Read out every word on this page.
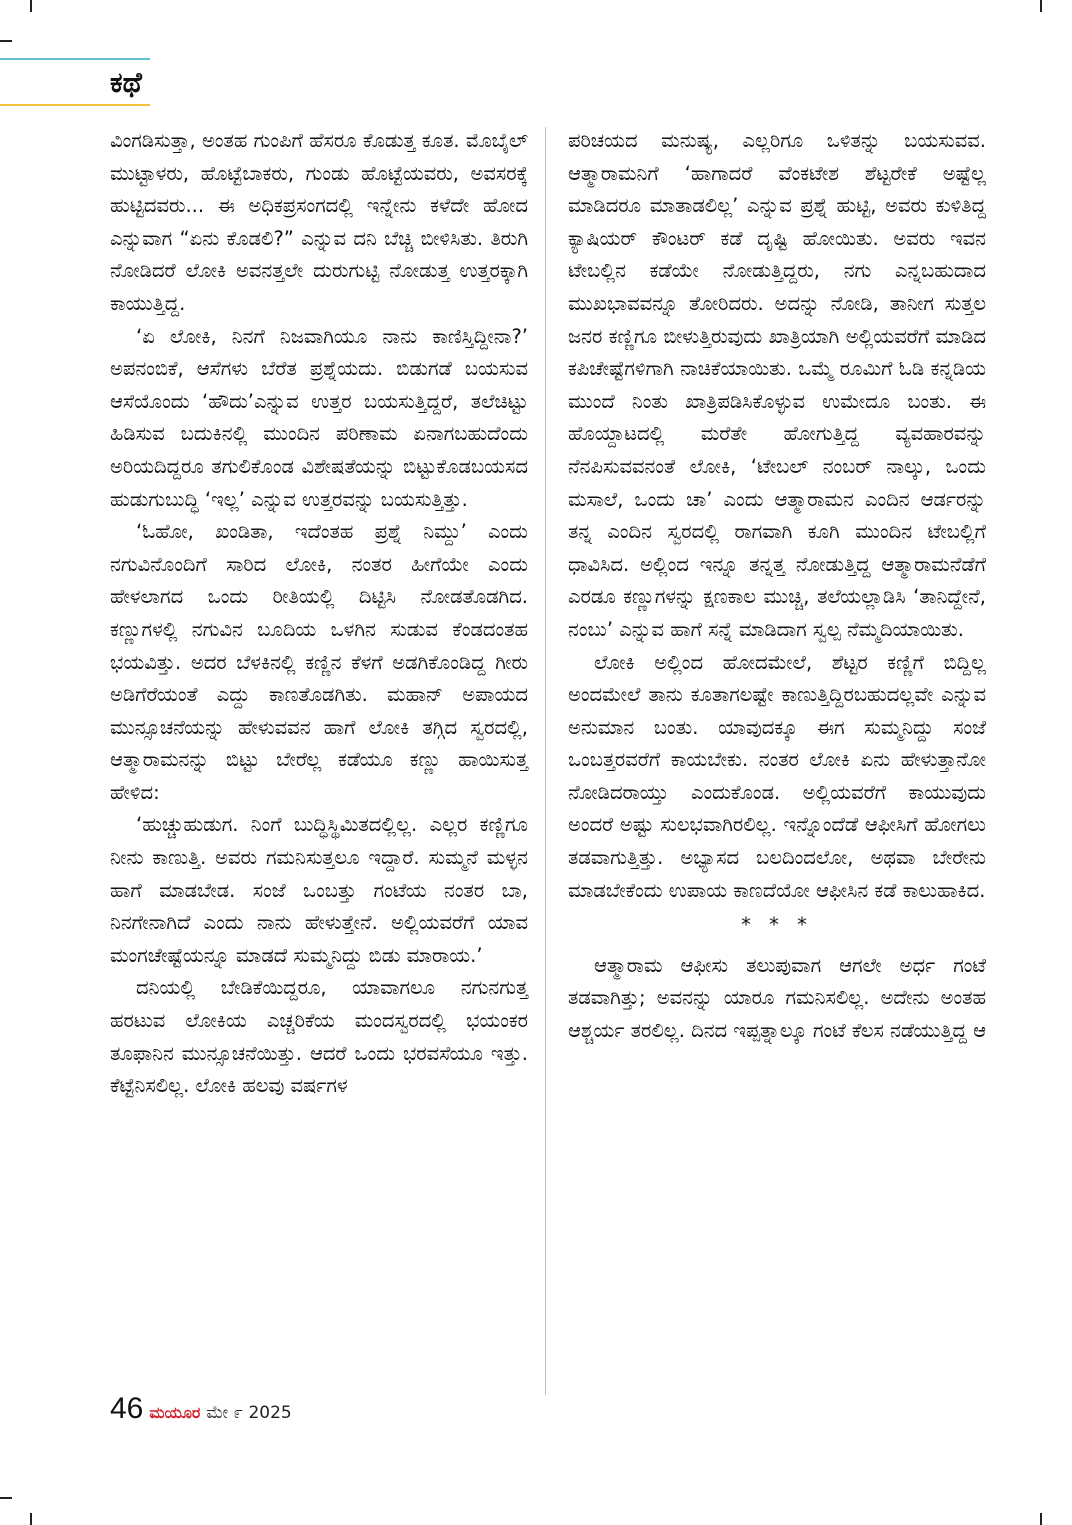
ಕಥೆ

ವಿಂಗಡಿಸುತ್ತಾ, ಅಂತಹ ಗುಂಪಿಗೆ ಹೆಸರೂ ಕೊಡುತ್ತ ಕೂತ. ಮೊಬೈಲ್ ಮುಟ್ಟಾಳರು, ಹೊಟ್ಟೆಬಾಕರು, ಗುಂಡು ಹೊಟ್ಟೆಯವರು, ಅವಸರಕ್ಕೆ ಹುಟ್ಟಿದವರು... ಈ ಅಧಿಕಪ್ರಸಂಗದಲ್ಲಿ ಇನ್ನೇನು ಕಳೆದೇ ಹೋದ ಎನ್ನುವಾಗ “ಏನು ಕೊಡಲಿ?” ಎನ್ನುವ ದನಿ ಬೆಚ್ಚಿ ಬೀಳಿಸಿತು. ತಿರುಗಿ ನೋಡಿದರೆ ಲೋಕಿ ಅವನತ್ತಲೇ ದುರುಗುಟ್ಟಿ ನೋಡುತ್ತ ಉತ್ತರಕ್ಕಾಗಿ ಕಾಯುತ್ತಿದ್ದ.

‘ಏ ಲೋಕಿ, ನಿನಗೆ ನಿಜವಾಗಿಯೂ ನಾನು ಕಾಣಿಸ್ತಿದ್ದೀನಾ?’ ಅಪನಂಬಿಕೆ, ಆಸೆಗಳು ಬೆರೆತ ಪ್ರಶ್ನೆಯದು. ಬಿಡುಗಡೆ ಬಯಸುವ ಆಸೆಯೊಂದು ‘ಹೌದು’ಎನ್ನುವ ಉತ್ತರ ಬಯಸುತ್ತಿದ್ದರೆ, ತಲೆಚಿಟ್ಟು ಹಿಡಿಸುವ ಬದುಕಿನಲ್ಲಿ ಮುಂದಿನ ಪರಿಣಾಮ ಏನಾಗಬಹುದೆಂದು ಅರಿಯದಿದ್ದರೂ ತಗುಲಿಕೊಂಡ ವಿಶೇಷತೆಯನ್ನು ಬಿಟ್ಟುಕೊಡಬಯಸದ ಹುಡುಗುಬುದ್ಧಿ ‘ಇಲ್ಲ’ ಎನ್ನುವ ಉತ್ತರವನ್ನು ಬಯಸುತ್ತಿತ್ತು.

‘ಓಹೋ, ಖಂಡಿತಾ, ಇದೆಂತಹ ಪ್ರಶ್ನೆ ನಿಮ್ದು’ ಎಂದು ನಗುವಿನೊಂದಿಗೆ ಸಾರಿದ ಲೋಕಿ, ನಂತರ ಹೀಗೆಯೇ ಎಂದು ಹೇಳಲಾಗದ ಒಂದು ರೀತಿಯಲ್ಲಿ ದಿಟ್ಟಿಸಿ ನೋಡತೊಡಗಿದ. ಕಣ್ಣುಗಳಲ್ಲಿ ನಗುವಿನ ಬೂದಿಯ ಒಳಗಿನ ಸುಡುವ ಕೆಂಡದಂತಹ ಭಯವಿತ್ತು. ಅದರ ಬೆಳಕಿನಲ್ಲಿ ಕಣ್ಣಿನ ಕೆಳಗೆ ಅಡಗಿಕೊಂಡಿದ್ದ ಗೀರು ಅಡಿಗೆರೆಯಂತೆ ಎದ್ದು ಕಾಣತೊಡಗಿತು. ಮಹಾನ್ ಅಪಾಯದ ಮುನ್ಸೂಚನೆಯನ್ನು ಹೇಳುವವನ ಹಾಗೆ ಲೋಕಿ ತಗ್ಗಿದ ಸ್ವರದಲ್ಲಿ, ಆತ್ಮಾರಾಮನನ್ನು ಬಿಟ್ಟು ಬೇರೆಲ್ಲ ಕಡೆಯೂ ಕಣ್ಣು ಹಾಯಿಸುತ್ತ ಹೇಳಿದ:

‘ಹುಚ್ಚುಹುಡುಗ. ನಿಂಗೆ ಬುದ್ಧಿಸ್ಥಿಮಿತದಲ್ಲಿಲ್ಲ. ಎಲ್ಲರ ಕಣ್ಣಿಗೂ ನೀನು ಕಾಣುತ್ತಿ. ಅವರು ಗಮನಿಸುತ್ತಲೂ ಇದ್ದಾರೆ. ಸುಮ್ಮನೆ ಮಳ್ಳನ ಹಾಗೆ ಮಾಡಬೇಡ. ಸಂಜೆ ಒಂಬತ್ತು ಗಂಟೆಯ ನಂತರ ಬಾ, ನಿನಗೇನಾಗಿದೆ ಎಂದು ನಾನು ಹೇಳುತ್ತೇನೆ. ಅಲ್ಲಿಯವರೆಗೆ ಯಾವ ಮಂಗಚೇಷ್ಟೆಯನ್ನೂ ಮಾಡದೆ ಸುಮ್ಮನಿದ್ದು ಬಿಡು ಮಾರಾಯ.’

ದನಿಯಲ್ಲಿ ಬೇಡಿಕೆಯಿದ್ದರೂ, ಯಾವಾಗಲೂ ನಗುನಗುತ್ತ ಹರಟುವ ಲೋಕಿಯ ಎಚ್ಚರಿಕೆಯ ಮಂದಸ್ವರದಲ್ಲಿ ಭಯಂಕರ ತೂಫಾನಿನ ಮುನ್ಸೂಚನೆಯಿತ್ತು. ಆದರೆ ಒಂದು ಭರವಸೆಯೂ ಇತ್ತು. ಕೆಟ್ಟೆನಿಸಲಿಲ್ಲ. ಲೋಕಿ ಹಲವು ವರ್ಷಗಳ

ಪರಿಚಯದ ಮನುಷ್ಯ, ಎಲ್ಲರಿಗೂ ಒಳಿತನ್ನು ಬಯಸುವವ. ಆತ್ಮಾರಾಮನಿಗೆ ‘ಹಾಗಾದರೆ ವೆಂಕಟೇಶ ಶೆಟ್ಟರೇಕೆ ಅಷ್ಟೆಲ್ಲ ಮಾಡಿದರೂ ಮಾತಾಡಲಿಲ್ಲ’ ಎನ್ನುವ ಪ್ರಶ್ನೆ ಹುಟ್ಟಿ, ಅವರು ಕುಳಿತಿದ್ದ ಕ್ಯಾಷಿಯರ್ ಕೌಂಟರ್ ಕಡೆ ದೃಷ್ಟಿ ಹೋಯಿತು. ಅವರು ಇವನ ಟೇಬಲ್ಲಿನ ಕಡೆಯೇ ನೋಡುತ್ತಿದ್ದರು, ನಗು ಎನ್ನಬಹುದಾದ ಮುಖಭಾವವನ್ನೂ ತೋರಿದರು. ಅದನ್ನು ನೋಡಿ, ತಾನೀಗ ಸುತ್ತಲ ಜನರ ಕಣ್ಣಿಗೂ ಬೀಳುತ್ತಿರುವುದು ಖಾತ್ರಿಯಾಗಿ ಅಲ್ಲಿಯವರೆಗೆ ಮಾಡಿದ ಕಪಿಚೇಷ್ಟೆಗಳಿಗಾಗಿ ನಾಚಿಕೆಯಾಯಿತು. ಒಮ್ಮೆ ರೂಮಿಗೆ ಓಡಿ ಕನ್ನಡಿಯ ಮುಂದೆ ನಿಂತು ಖಾತ್ರಿಪಡಿಸಿಕೊಳ್ಳುವ ಉಮೇದೂ ಬಂತು. ಈ ಹೊಯ್ದಾಟದಲ್ಲಿ ಮರೆತೇ ಹೋಗುತ್ತಿದ್ದ ವ್ಯವಹಾರವನ್ನು ನೆನಪಿಸುವವನಂತೆ ಲೋಕಿ, ‘ಟೇಬಲ್ ನಂಬರ್ ನಾಲ್ಕು, ಒಂದು ಮಸಾಲೆ, ಒಂದು ಚಾ’ ಎಂದು ಆತ್ಮಾರಾಮನ ಎಂದಿನ ಆರ್ಡರನ್ನು ತನ್ನ ಎಂದಿನ ಸ್ವರದಲ್ಲಿ ರಾಗವಾಗಿ ಕೂಗಿ ಮುಂದಿನ ಟೇಬಲ್ಲಿಗೆ ಧಾವಿಸಿದ. ಅಲ್ಲಿಂದ ಇನ್ನೂ ತನ್ನತ್ತ ನೋಡುತ್ತಿದ್ದ ಆತ್ಮಾರಾಮನೆಡೆಗೆ ಎರಡೂ ಕಣ್ಣುಗಳನ್ನು ಕ್ಷಣಕಾಲ ಮುಚ್ಚಿ, ತಲೆಯಲ್ಲಾಡಿಸಿ ‘ತಾನಿದ್ದೇನೆ, ನಂಬು’ ಎನ್ನುವ ಹಾಗೆ ಸನ್ನೆ ಮಾಡಿದಾಗ ಸ್ವಲ್ಪ ನೆಮ್ಮದಿಯಾಯಿತು.

ಲೋಕಿ ಅಲ್ಲಿಂದ ಹೋದಮೇಲೆ, ಶೆಟ್ಟರ ಕಣ್ಣಿಗೆ ಬಿದ್ದಿಲ್ಲ ಅಂದಮೇಲೆ ತಾನು ಕೂತಾಗಲಷ್ಟೇ ಕಾಣುತ್ತಿದ್ದಿರಬಹುದಲ್ಲವೇ ಎನ್ನುವ ಅನುಮಾನ ಬಂತು. ಯಾವುದಕ್ಕೂ ಈಗ ಸುಮ್ಮನಿದ್ದು ಸಂಜೆ ಒಂಬತ್ತರವರೆಗೆ ಕಾಯಬೇಕು. ನಂತರ ಲೋಕಿ ಏನು ಹೇಳುತ್ತಾನೋ ನೋಡಿದರಾಯ್ತು ಎಂದುಕೊಂಡ. ಅಲ್ಲಿಯವರೆಗೆ ಕಾಯುವುದು ಅಂದರೆ ಅಷ್ಟು ಸುಲಭವಾಗಿರಲಿಲ್ಲ. ಇನ್ನೊಂದೆಡೆ ಆಫೀಸಿಗೆ ಹೋಗಲು ತಡವಾಗುತ್ತಿತ್ತು. ಅಭ್ಯಾಸದ ಬಲದಿಂದಲೋ, ಅಥವಾ ಬೇರೇನು ಮಾಡಬೇಕೆಂದು ಉಪಾಯ ಕಾಣದೆಯೋ ಆಫೀಸಿನ ಕಡೆ ಕಾಲುಹಾಕಿದ.

* * *

ಆತ್ಮಾರಾಮ ಆಫೀಸು ತಲುಪುವಾಗ ಆಗಲೇ ಅರ್ಧ ಗಂಟೆ ತಡವಾಗಿತ್ತು; ಅವನನ್ನು ಯಾರೂ ಗಮನಿಸಲಿಲ್ಲ. ಅದೇನು ಅಂತಹ ಆಶ್ಚರ್ಯ ತರಲಿಲ್ಲ. ದಿನದ ಇಪ್ಪತ್ನಾಲ್ಕೂ ಗಂಟೆ ಕೆಲಸ ನಡೆಯುತ್ತಿದ್ದ ಆ

46 ಮಯೂರ ಮೇ ೯ 2025
